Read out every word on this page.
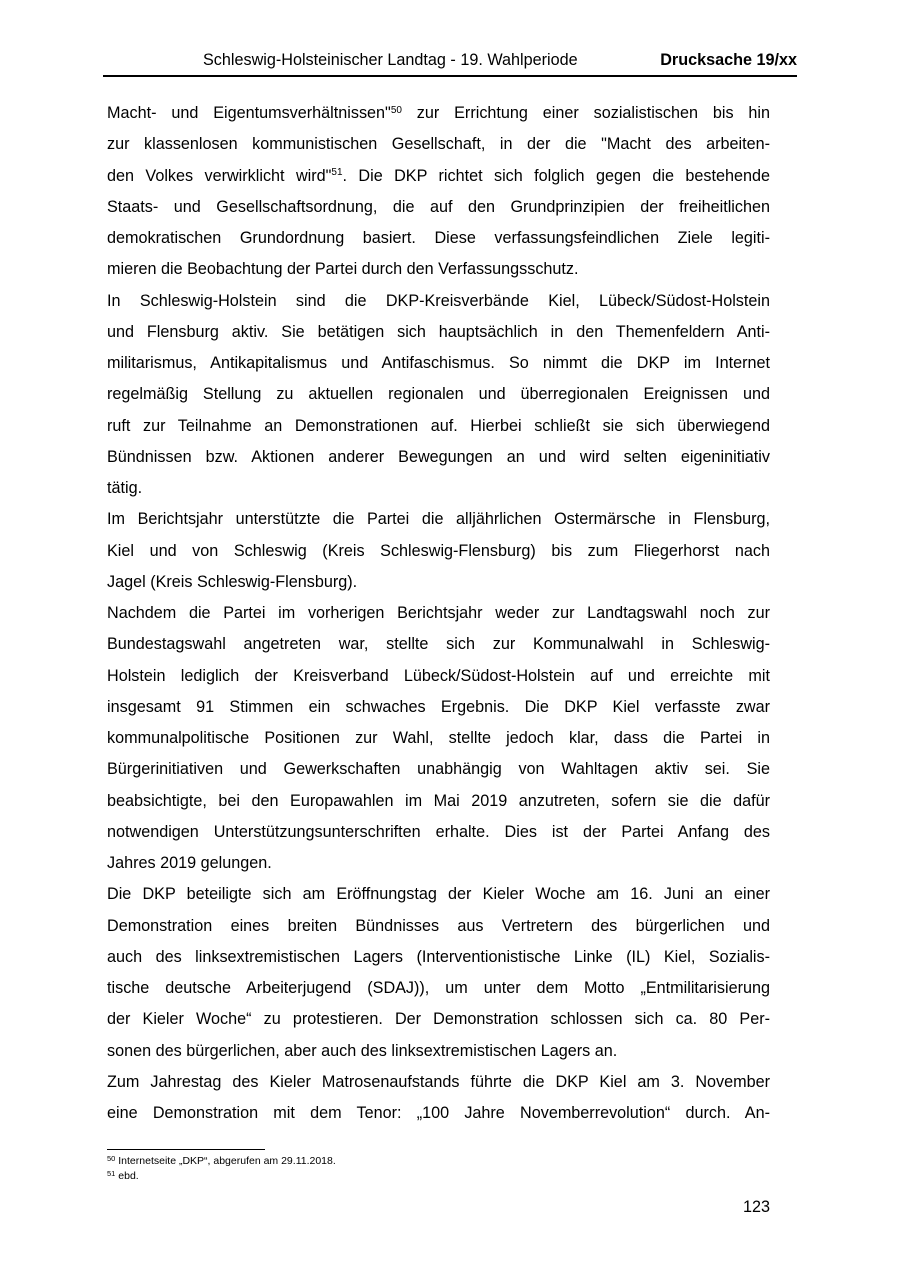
Schleswig-Holsteinischer Landtag - 19. Wahlperiode	Drucksache 19/xx
Macht- und Eigentumsverhältnissen"$^{50}$ zur Errichtung einer sozialistischen bis hin
zur klassenlosen kommunistischen Gesellschaft, in der die "Macht des arbeiten-
den Volkes verwirklicht wird"$^{51}$. Die DKP richtet sich folglich gegen die bestehende
Staats- und Gesellschaftsordnung, die auf den Grundprinzipien der freiheitlichen
demokratischen Grundordnung basiert. Diese verfassungsfeindlichen Ziele legiti-
mieren die Beobachtung der Partei durch den Verfassungsschutz.
In Schleswig-Holstein sind die DKP-Kreisverbände Kiel, Lübeck/Südost-Holstein
und Flensburg aktiv. Sie betätigen sich hauptsächlich in den Themenfeldern Anti-
militarismus, Antikapitalismus und Antifaschismus. So nimmt die DKP im Internet
regelmäßig Stellung zu aktuellen regionalen und überregionalen Ereignissen und
ruft zur Teilnahme an Demonstrationen auf. Hierbei schließt sie sich überwiegend
Bündnissen bzw. Aktionen anderer Bewegungen an und wird selten eigeninitiativ
tätig.
Im Berichtsjahr unterstützte die Partei die alljährlichen Ostermärsche in Flensburg,
Kiel und von Schleswig (Kreis Schleswig-Flensburg) bis zum Fliegerhorst nach
Jagel (Kreis Schleswig-Flensburg).
Nachdem die Partei im vorherigen Berichtsjahr weder zur Landtagswahl noch zur
Bundestagswahl angetreten war, stellte sich zur Kommunalwahl in Schleswig-
Holstein lediglich der Kreisverband Lübeck/Südost-Holstein auf und erreichte mit
insgesamt 91 Stimmen ein schwaches Ergebnis. Die DKP Kiel verfasste zwar
kommunalpolitische Positionen zur Wahl, stellte jedoch klar, dass die Partei in
Bürgerinitiativen und Gewerkschaften unabhängig von Wahltagen aktiv sei. Sie
beabsichtigte, bei den Europawahlen im Mai 2019 anzutreten, sofern sie die dafür
notwendigen Unterstützungsunterschriften erhalte. Dies ist der Partei Anfang des
Jahres 2019 gelungen.
Die DKP beteiligte sich am Eröffnungstag der Kieler Woche am 16. Juni an einer
Demonstration eines breiten Bündnisses aus Vertretern des bürgerlichen und
auch des linksextremistischen Lagers (Interventionistische Linke (IL) Kiel, Sozialis-
tische deutsche Arbeiterjugend (SDAJ)), um unter dem Motto „Entmilitarisierung
der Kieler Woche“ zu protestieren. Der Demonstration schlossen sich ca. 80 Per-
sonen des bürgerlichen, aber auch des linksextremistischen Lagers an.
Zum Jahrestag des Kieler Matrosenaufstands führte die DKP Kiel am 3. November
eine Demonstration mit dem Tenor: „100 Jahre Novemberrevolution“ durch. An-
$^{50}$ Internetseite „DKP“, abgerufen am 29.11.2018.
$^{51}$ ebd.
123
